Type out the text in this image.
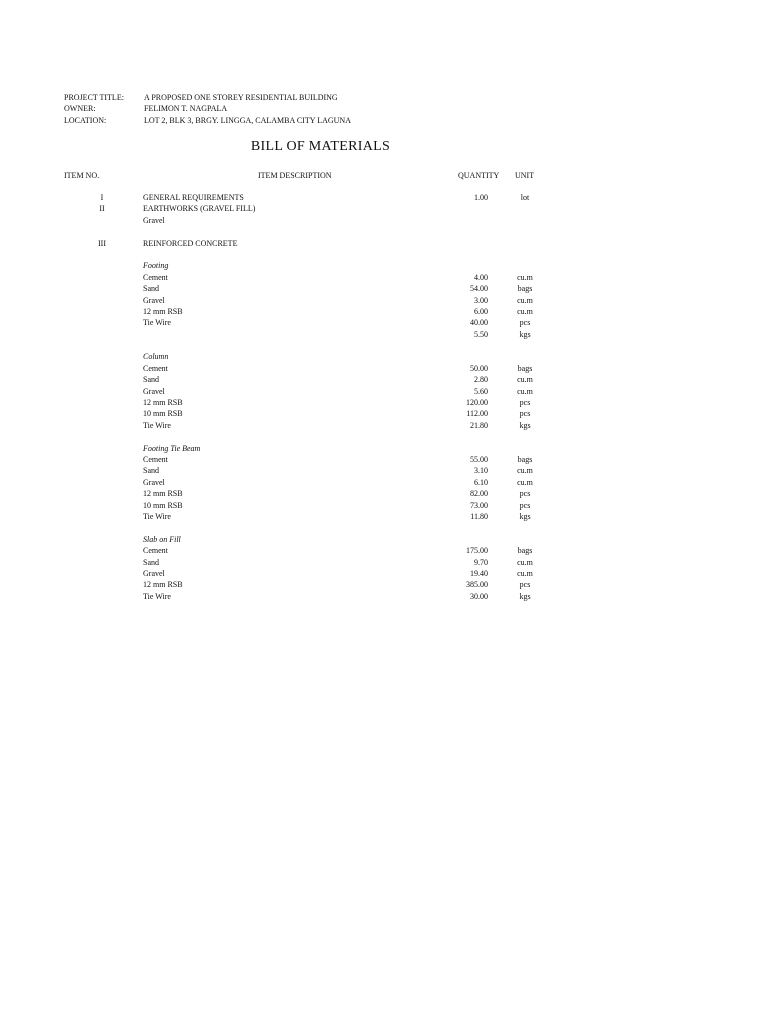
PROJECT TITLE:	A PROPOSED ONE STOREY RESIDENTIAL BUILDING
OWNER:	FELIMON T. NAGPALA
LOCATION:	LOT 2, BLK 3, BRGY. LINGGA, CALAMBA CITY LAGUNA
BILL OF MATERIALS
ITEM NO.	ITEM DESCRIPTION	QUANTITY UNIT
I	GENERAL REQUIREMENTS	1.00	lot
II	EARTHWORKS (GRAVEL FILL)
Gravel
III	REINFORCED CONCRETE
Footing
Cement	4.00	cu.m
Sand	54.00	bags
Gravel	3.00	cu.m
12 mm RSB	6.00	cu.m
Tie Wire	40.00	pcs
5.50	kgs
Column
Cement	50.00	bags
Sand	2.80	cu.m
Gravel	5.60	cu.m
12 mm RSB	120.00	pcs
10 mm RSB	112.00	pcs
Tie Wire	21.80	kgs
Footing Tie Beam
Cement	55.00	bags
Sand	3.10	cu.m
Gravel	6.10	cu.m
12 mm RSB	82.00	pcs
10 mm RSB	73.00	pcs
Tie Wire	11.80	kgs
Slab on Fill
Cement	175.00	bags
Sand	9.70	cu.m
Gravel	19.40	cu.m
12 mm RSB	385.00	pcs
Tie Wire	30.00	kgs
